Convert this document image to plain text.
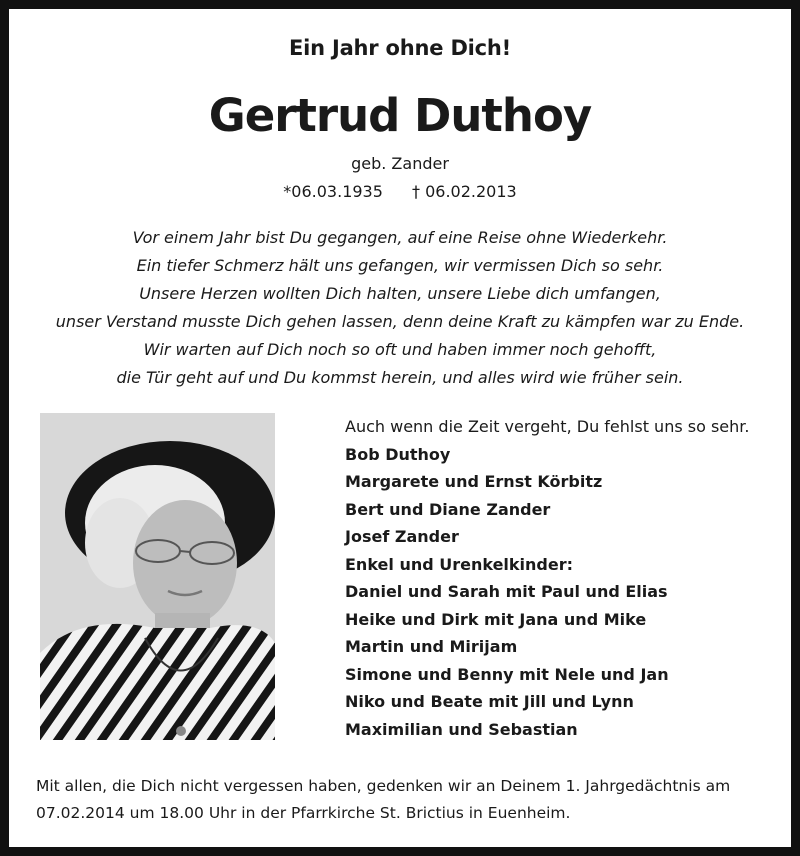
Ein Jahr ohne Dich!
Gertrud Duthoy
geb. Zander
*06.03.1935 † 06.02.2013
Vor einem Jahr bist Du gegangen, auf eine Reise ohne Wiederkehr.
Ein tiefer Schmerz hält uns gefangen, wir vermissen Dich so sehr.
Unsere Herzen wollten Dich halten, unsere Liebe dich umfangen,
unser Verstand musste Dich gehen lassen, denn deine Kraft zu kämpfen war zu Ende.
Wir warten auf Dich noch so oft und haben immer noch gehofft,
die Tür geht auf und Du kommst herein, und alles wird wie früher sein.
Auch wenn die Zeit vergeht, Du fehlst uns so sehr.
Bob Duthoy
Margarete und Ernst Körbitz
Bert und Diane Zander
Josef Zander
Enkel und Urenkelkinder:
Daniel und Sarah mit Paul und Elias
Heike und Dirk mit Jana und Mike
Martin und Mirijam
Simone und Benny mit Nele und Jan
Niko und Beate mit Jill und Lynn
Maximilian und Sebastian
Mit allen, die Dich nicht vergessen haben, gedenken wir an Deinem 1. Jahrgedächtnis am
07.02.2014 um 18.00 Uhr in der Pfarrkirche St. Brictius in Euenheim.
